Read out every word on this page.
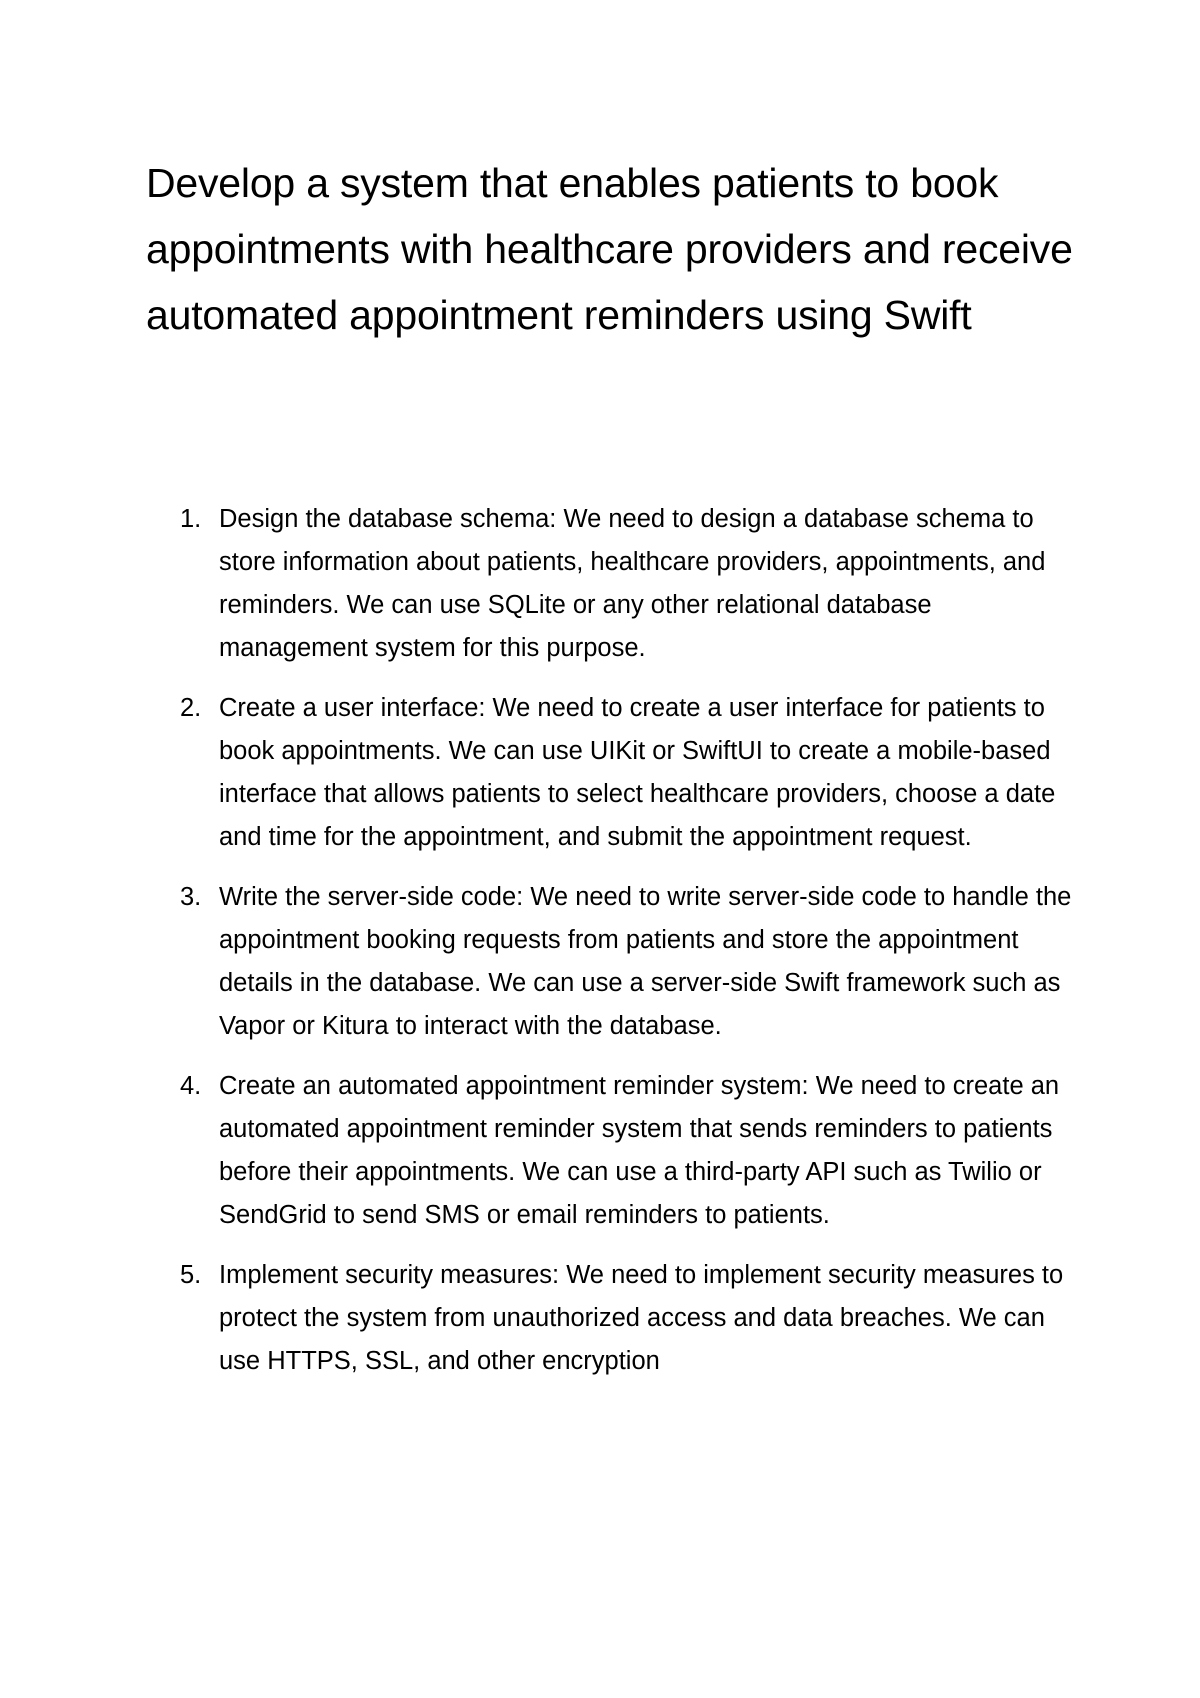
Develop a system that enables patients to book appointments with healthcare providers and receive automated appointment reminders using Swift
1. Design the database schema: We need to design a database schema to store information about patients, healthcare providers, appointments, and reminders. We can use SQLite or any other relational database management system for this purpose.
2. Create a user interface: We need to create a user interface for patients to book appointments. We can use UIKit or SwiftUI to create a mobile-based interface that allows patients to select healthcare providers, choose a date and time for the appointment, and submit the appointment request.
3. Write the server-side code: We need to write server-side code to handle the appointment booking requests from patients and store the appointment details in the database. We can use a server-side Swift framework such as Vapor or Kitura to interact with the database.
4. Create an automated appointment reminder system: We need to create an automated appointment reminder system that sends reminders to patients before their appointments. We can use a third-party API such as Twilio or SendGrid to send SMS or email reminders to patients.
5. Implement security measures: We need to implement security measures to protect the system from unauthorized access and data breaches. We can use HTTPS, SSL, and other encryption
